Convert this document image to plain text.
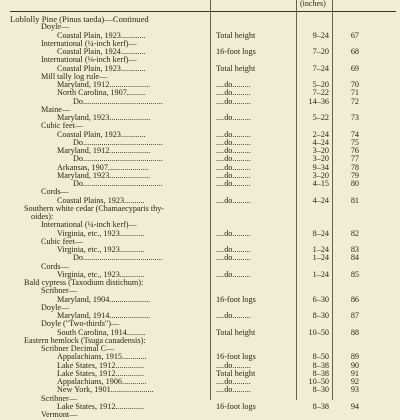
(inches)
Loblolly Pine (Pinus taeda)—Continued
Doyle—
Coastal Plain, 1923............	Total height	9–24	67
International (¼-inch kerf)—
Coastal Plain, 1924............	16-foot logs	7–20	68
International (⅛-inch kerf)—
Coastal Plain, 1923............	Total height	7–24	69
Mill tally log rule—
Maryland, 1912....................	....do.........	5–20	70
North Carolina, 1907.........	....do.........	7–22	71
Do.......................................	....do.........	14–36	72
Maine—
Maryland, 1923....................	....do.........	5–22	73
Cubic feet—
Coastal Plain, 1923............	....do.........	2–24	74
Do.......................................	....do.........	4–24	75
Maryland, 1912....................	....do.........	3–20	76
Do.......................................	....do.........	3–20	77
Arkansas, 1907....................	....do.........	9–34	78
Maryland, 1923....................	....do.........	3–20	79
Do.......................................	....do.........	4–15	80
Cords—
Coastal Plains, 1923..........	....do.........	4–24	81
Southern white cedar (Chamaecyparis thy-
oides):
International (¼-inch kerf)—
Virginia, etc., 1923............	....do.........	8–24	82
Cubic feet—
Virginia, etc., 1923............	....do.........	1–24	83
Do.......................................	....do.........	1–24	84
Cords—
Virginia, etc., 1923............	....do.........	1–24	85
Bald cypress (Taxodium distichum):
Scribner—
Maryland, 1904....................	16-foot logs	6–30	86
Doyle—
Maryland, 1914....................	....do.........	8–30	87
Doyle ("Two-thirds")—
South Carolina, 1914.........	Total height	10–50	88
Eastern hemlock (Tsuga canadensis):
Scribner Decimal C—
Appalachians, 1915............	16-foot logs	8–50	89
Lake States, 1912..............	....do.........	8–38	90
Lake States, 1912..............	Total height	8–38	91
Appalachians, 1906............	....do.........	10–50	92
New York, 1901.....................	....do.........	8–30	93
Scribner—
Lake States, 1912..............	16-foot logs	8–38	94
Vermont—
